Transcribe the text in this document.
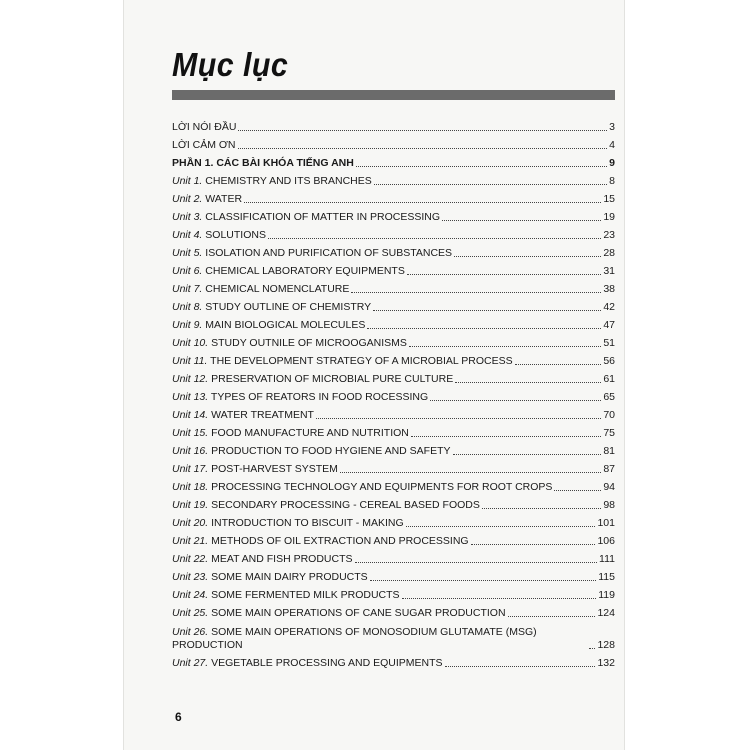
Mục lục
LỜI NÓI ĐẦU	3
LỜI CẢM ƠN	4
PHẦN 1. CÁC BÀI KHÓA TIẾNG ANH	9
Unit 1. CHEMISTRY AND ITS BRANCHES	8
Unit 2. WATER	15
Unit 3. CLASSIFICATION OF MATTER IN PROCESSING	19
Unit 4. SOLUTIONS	23
Unit 5. ISOLATION AND PURIFICATION OF SUBSTANCES	28
Unit 6. CHEMICAL LABORATORY EQUIPMENTS	31
Unit 7. CHEMICAL NOMENCLATURE	38
Unit 8. STUDY OUTLINE OF CHEMISTRY	42
Unit 9. MAIN BIOLOGICAL MOLECULES	47
Unit 10. STUDY OUTNILE OF MICROOGANISMS	51
Unit 11. THE DEVELOPMENT STRATEGY OF A MICROBIAL PROCESS	56
Unit 12. PRESERVATION OF MICROBIAL PURE CULTURE	61
Unit 13. TYPES OF REATORS IN FOOD ROCESSING	65
Unit 14. WATER TREATMENT	70
Unit 15. FOOD MANUFACTURE AND NUTRITION	75
Unit 16. PRODUCTION TO FOOD HYGIENE AND SAFETY	81
Unit 17. POST-HARVEST SYSTEM	87
Unit 18. PROCESSING TECHNOLOGY AND EQUIPMENTS FOR ROOT CROPS	94
Unit 19. SECONDARY PROCESSING - CEREAL BASED FOODS	98
Unit 20. INTRODUCTION TO BISCUIT - MAKING	101
Unit 21. METHODS OF OIL EXTRACTION AND PROCESSING	106
Unit 22. MEAT AND FISH PRODUCTS	111
Unit 23. SOME MAIN DAIRY PRODUCTS	115
Unit 24. SOME FERMENTED MILK PRODUCTS	119
Unit 25. SOME MAIN OPERATIONS OF CANE SUGAR PRODUCTION	124
Unit 26. SOME MAIN OPERATIONS OF MONOSODIUM GLUTAMATE (MSG) PRODUCTION	128
Unit 27. VEGETABLE PROCESSING AND EQUIPMENTS	132
6
